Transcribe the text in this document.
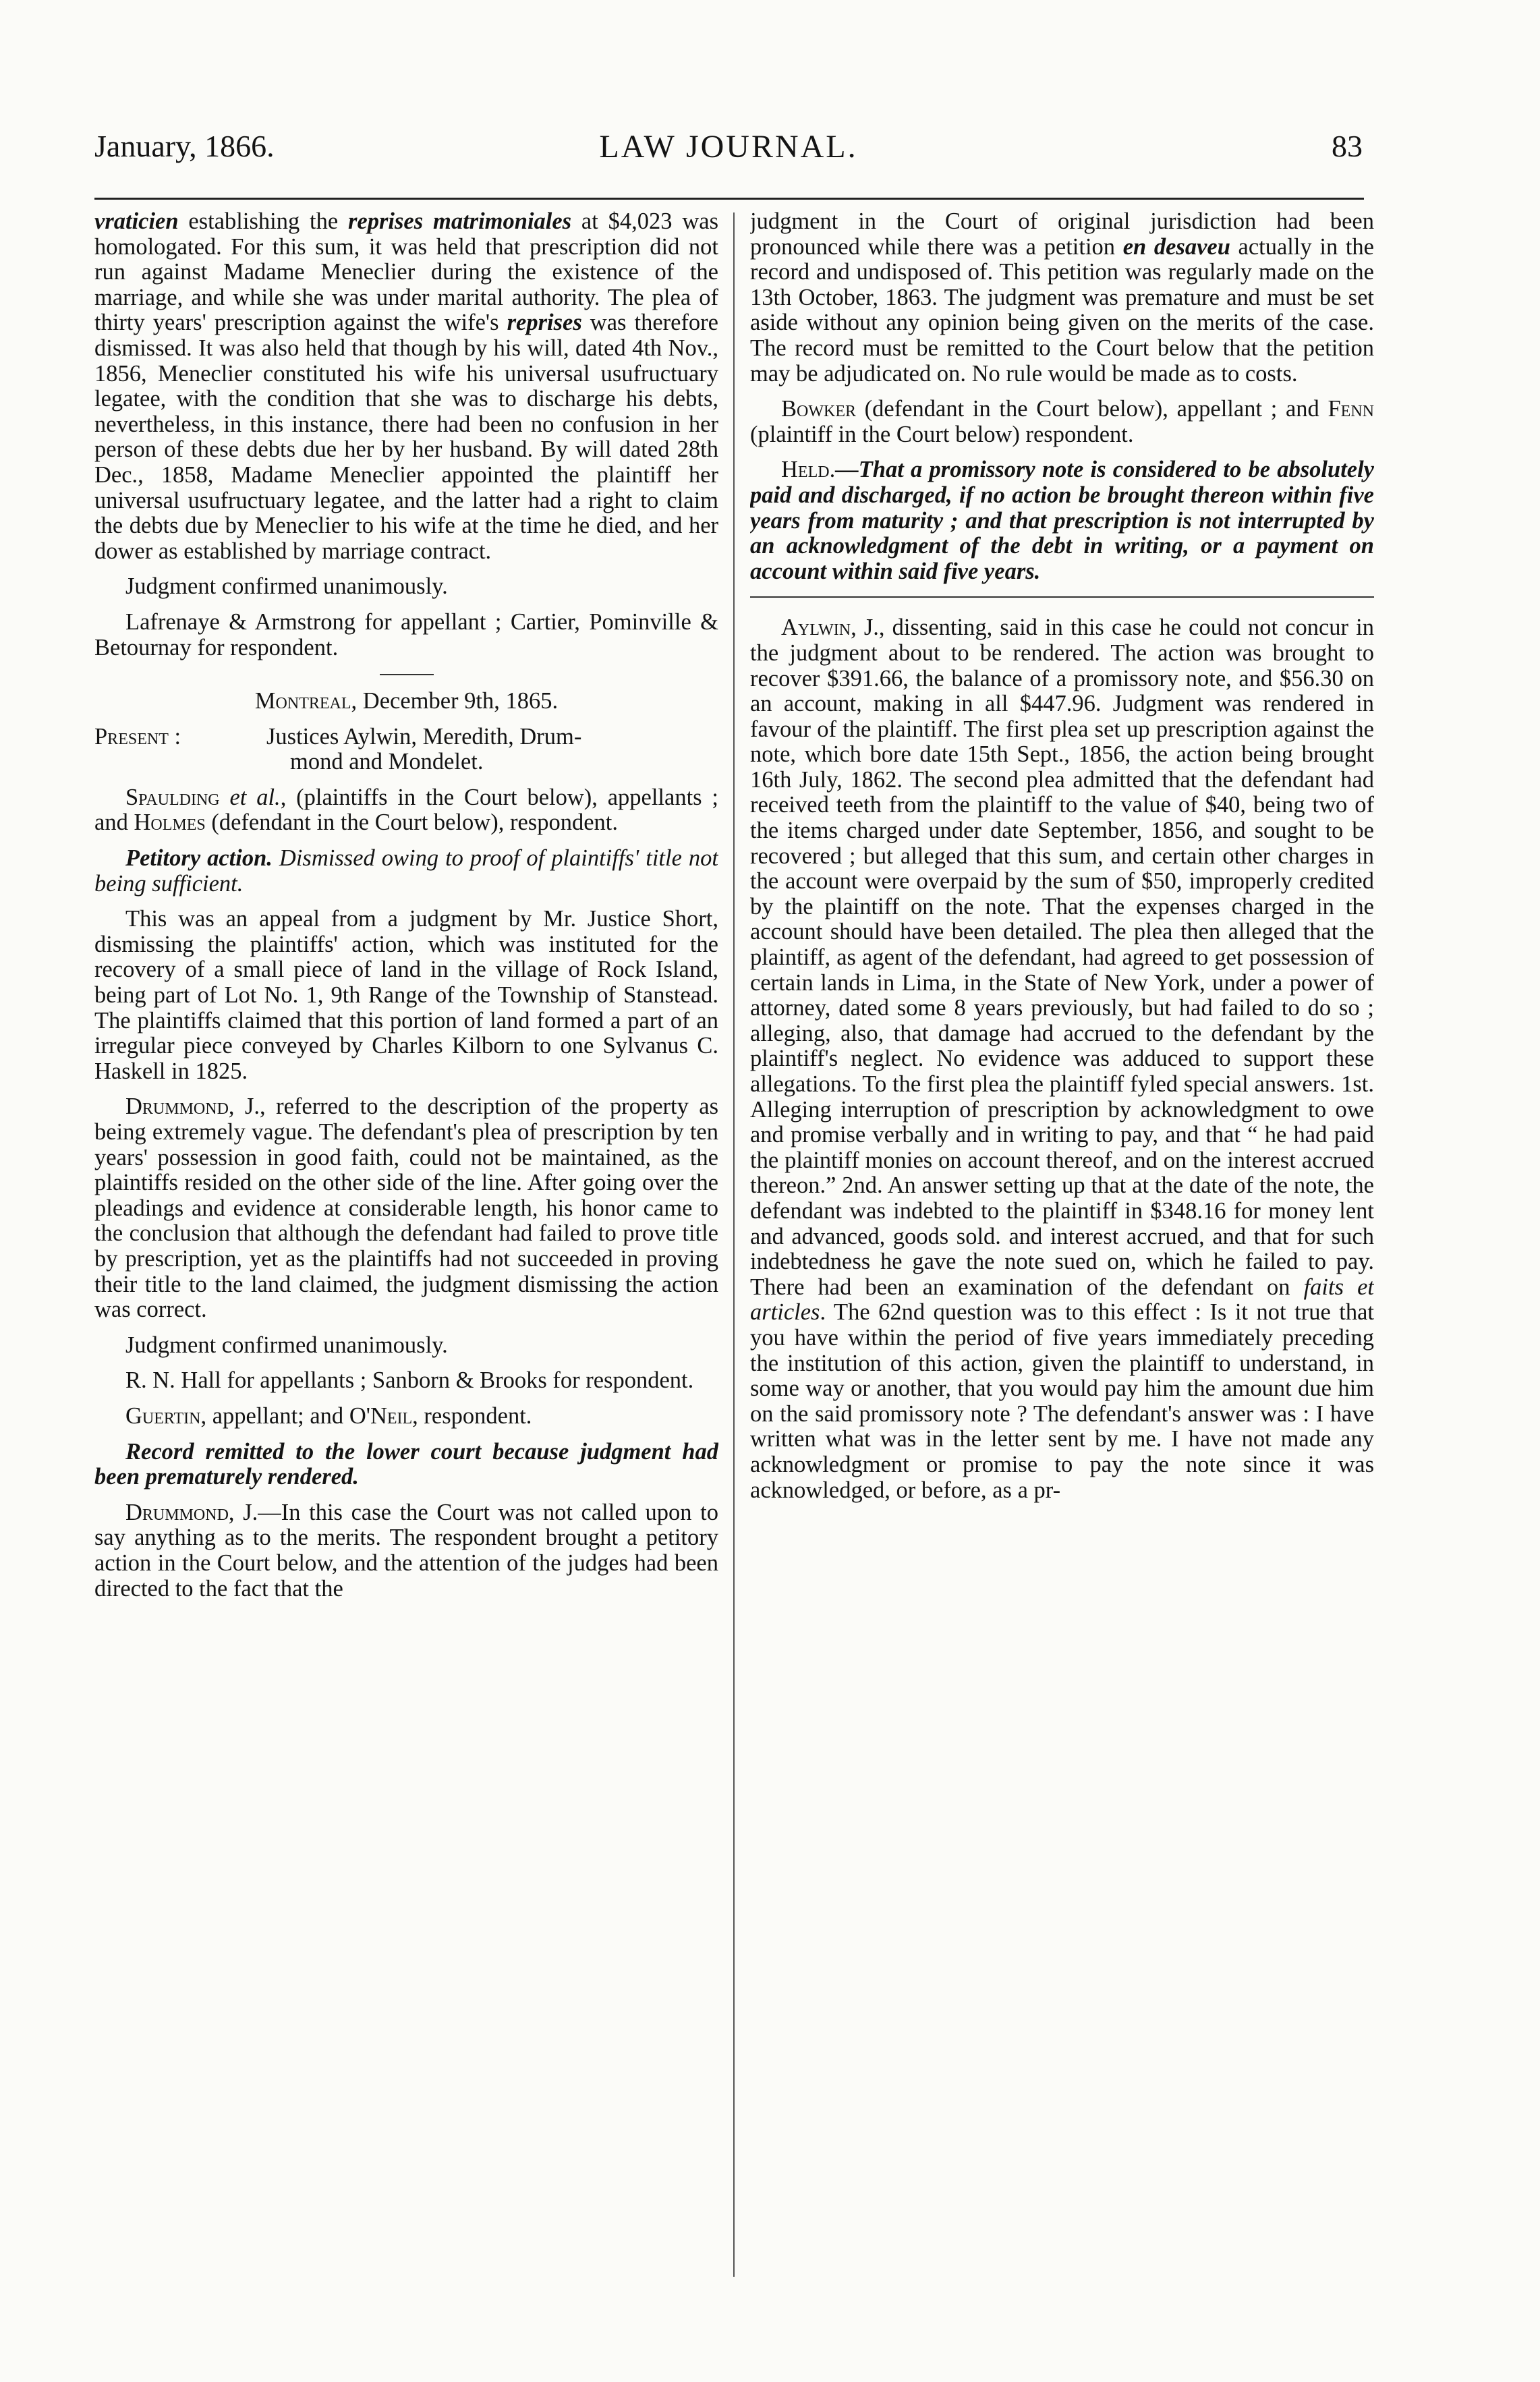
January, 1866.	LAW JOURNAL.	83

vraticien establishing the reprises matrimoniales at $4,023 was homologated. For this sum, it was held that prescription did not run against Madame Meneclier during the existence of the marriage, and while she was under marital authority. The plea of thirty years' prescription against the wife's reprises was therefore dismissed. It was also held that though by his will, dated 4th Nov., 1856, Meneclier constituted his wife his universal usufructuary legatee, with the condition that she was to discharge his debts, nevertheless, in this instance, there had been no confusion in her person of these debts due her by her husband. By will dated 28th Dec., 1858, Madame Meneclier appointed the plaintiff her universal usufructuary legatee, and the latter had a right to claim the debts due by Meneclier to his wife at the time he died, and her dower as established by marriage contract.

Judgment confirmed unanimously.

Lafrenaye & Armstrong for appellant ; Cartier, Pominville & Betournay for respondent.

Montreal, December 9th, 1865.

Present :	Justices Aylwin, Meredith, Drum-
mond and Mondelet.

Spaulding et al., (plaintiffs in the Court below), appellants ; and Holmes (defendant in the Court below), respondent.

Petitory action. Dismissed owing to proof of plaintiffs' title not being sufficient.

This was an appeal from a judgment by Mr. Justice Short, dismissing the plaintiffs' action, which was instituted for the recovery of a small piece of land in the village of Rock Island, being part of Lot No. 1, 9th Range of the Township of Stanstead. The plaintiffs claimed that this portion of land formed a part of an irregular piece conveyed by Charles Kilborn to one Sylvanus C. Haskell in 1825.

Drummond, J., referred to the description of the property as being extremely vague. The defendant's plea of prescription by ten years' possession in good faith, could not be maintained, as the plaintiffs resided on the other side of the line. After going over the pleadings and evidence at considerable length, his honor came to the conclusion that although the defendant had failed to prove title by prescription, yet as the plaintiffs had not succeeded in proving their title to the land claimed, the judgment dismissing the action was correct.

Judgment confirmed unanimously.

R. N. Hall for appellants ; Sanborn & Brooks for respondent.

Guertin, appellant; and O'Neil, respondent.

Record remitted to the lower court because judgment had been prematurely rendered.

Drummond, J.—In this case the Court was not called upon to say anything as to the merits. The respondent brought a petitory action in the Court below, and the attention of the judges had been directed to the fact that the

judgment in the Court of original jurisdiction had been pronounced while there was a petition en desaveu actually in the record and undisposed of. This petition was regularly made on the 13th October, 1863. The judgment was premature and must be set aside without any opinion being given on the merits of the case. The record must be remitted to the Court below that the petition may be adjudicated on. No rule would be made as to costs.

Bowker (defendant in the Court below), appellant ; and Fenn (plaintiff in the Court below) respondent.

Held.—That a promissory note is considered to be absolutely paid and discharged, if no action be brought thereon within five years from maturity ; and that prescription is not interrupted by an acknowledgment of the debt in writing, or a payment on account within said five years.

Aylwin, J., dissenting, said in this case he could not concur in the judgment about to be rendered. The action was brought to recover $391.66, the balance of a promissory note, and $56.30 on an account, making in all $447.96. Judgment was rendered in favour of the plaintiff. The first plea set up prescription against the note, which bore date 15th Sept., 1856, the action being brought 16th July, 1862. The second plea admitted that the defendant had received teeth from the plaintiff to the value of $40, being two of the items charged under date September, 1856, and sought to be recovered ; but alleged that this sum, and certain other charges in the account were overpaid by the sum of $50, improperly credited by the plaintiff on the note. That the expenses charged in the account should have been detailed. The plea then alleged that the plaintiff, as agent of the defendant, had agreed to get possession of certain lands in Lima, in the State of New York, under a power of attorney, dated some 8 years previously, but had failed to do so ; alleging, also, that damage had accrued to the defendant by the plaintiff's neglect. No evidence was adduced to support these allegations. To the first plea the plaintiff fyled special answers. 1st. Alleging interruption of prescription by acknowledgment to owe and promise verbally and in writing to pay, and that “ he had paid the plaintiff monies on account thereof, and on the interest accrued thereon.” 2nd. An answer setting up that at the date of the note, the defendant was indebted to the plaintiff in $348.16 for money lent and advanced, goods sold. and interest accrued, and that for such indebtedness he gave the note sued on, which he failed to pay. There had been an examination of the defendant on faits et articles. The 62nd question was to this effect : Is it not true that you have within the period of five years immediately preceding the institution of this action, given the plaintiff to understand, in some way or another, that you would pay him the amount due him on the said promissory note ? The defendant's answer was : I have written what was in the letter sent by me. I have not made any acknowledgment or promise to pay the note since it was acknowledged, or before, as a pr-
